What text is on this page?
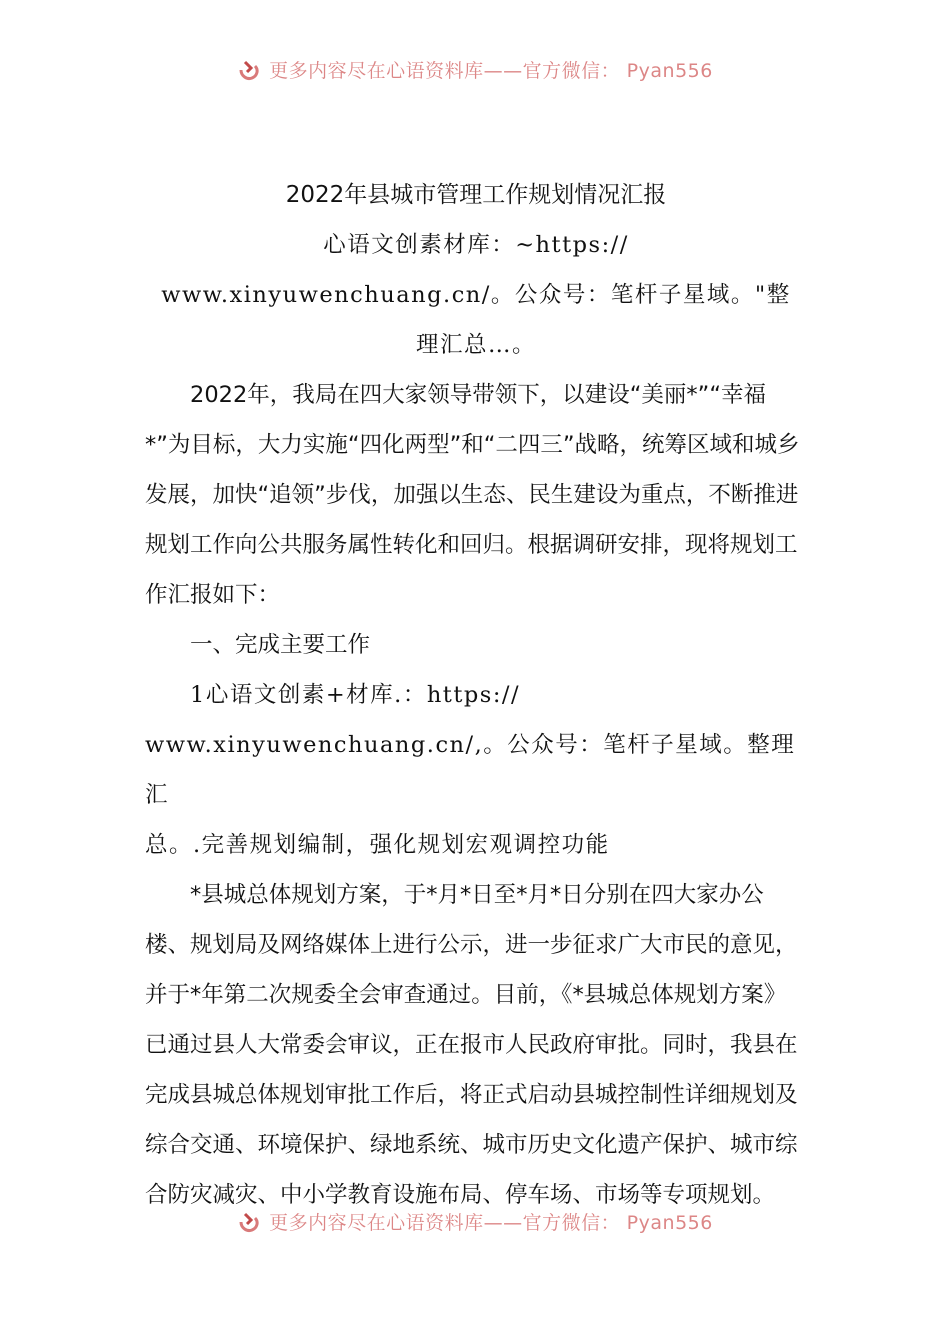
更多内容尽在心语资料库——官方微信： Pyan556

2022年县城市管理工作规划情况汇报

心语文创素材库：~https://

www.xinyuwenchuang.cn/。公众号：笔杆子星域。"整

理汇总…。

2022年，我局在四大家领导带领下，以建设“美丽*”“幸福*”为目标，大力实施“四化两型”和“二四三”战略，统筹区域和城乡发展，加快“追领”步伐，加强以生态、民生建设为重点，不断推进规划工作向公共服务属性转化和回归。根据调研安排，现将规划工作汇报如下：

一、完成主要工作

1心语文创素+材库.：https://

www.xinyuwenchuang.cn/,。公众号：笔杆子星域。整理汇

总。.完善规划编制，强化规划宏观调控功能

*县城总体规划方案，于*月*日至*月*日分别在四大家办公楼、规划局及网络媒体上进行公示，进一步征求广大市民的意见，并于*年第二次规委全会审查通过。目前，《*县城总体规划方案》已通过县人大常委会审议，正在报市人民政府审批。同时，我县在完成县城总体规划审批工作后，将正式启动县城控制性详细规划及综合交通、环境保护、绿地系统、城市历史文化遗产保护、城市综合防灾减灾、中小学教育设施布局、停车场、市场等专项规划。

更多内容尽在心语资料库——官方微信： Pyan556
